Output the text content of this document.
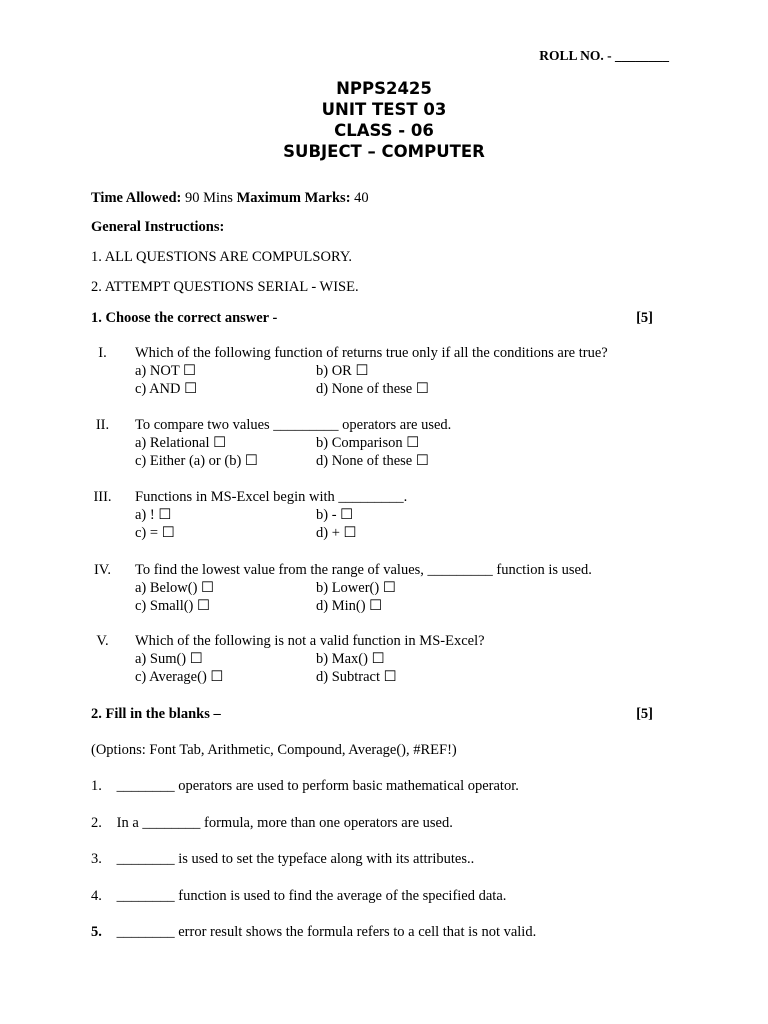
ROLL NO. - ________
NPPS2425
UNIT TEST 03
CLASS - 06
SUBJECT – COMPUTER
Time Allowed: 90 Mins Maximum Marks: 40
General Instructions:
1. ALL QUESTIONS ARE COMPULSORY.
2. ATTEMPT QUESTIONS SERIAL - WISE.
1. Choose the correct answer -	[5]
I.	Which of the following function of returns true only if all the conditions are true?
a) NOT ☐	b) OR ☐
c) AND ☐	d) None of these ☐
II.	To compare two values _________ operators are used.
a) Relational ☐	b) Comparison ☐
c) Either (a) or (b) ☐	d) None of these ☐
III. Functions in MS-Excel begin with _________.
a) ! ☐	b) - ☐
c) = ☐	d) + ☐
IV. To find the lowest value from the range of values, _________ function is used.
a) Below() ☐	b) Lower() ☐
c) Small() ☐	d) Min() ☐
V.	Which of the following is not a valid function in MS-Excel?
a) Sum() ☐	b) Max() ☐
c) Average() ☐	d) Subtract ☐
2. Fill in the blanks –	[5]
(Options: Font Tab, Arithmetic, Compound, Average(), #REF!)
1. ________ operators are used to perform basic mathematical operator.
2. In a ________ formula, more than one operators are used.
3. ________ is used to set the typeface along with its attributes..
4. ________ function is used to find the average of the specified data.
5. ________ error result shows the formula refers to a cell that is not valid.
